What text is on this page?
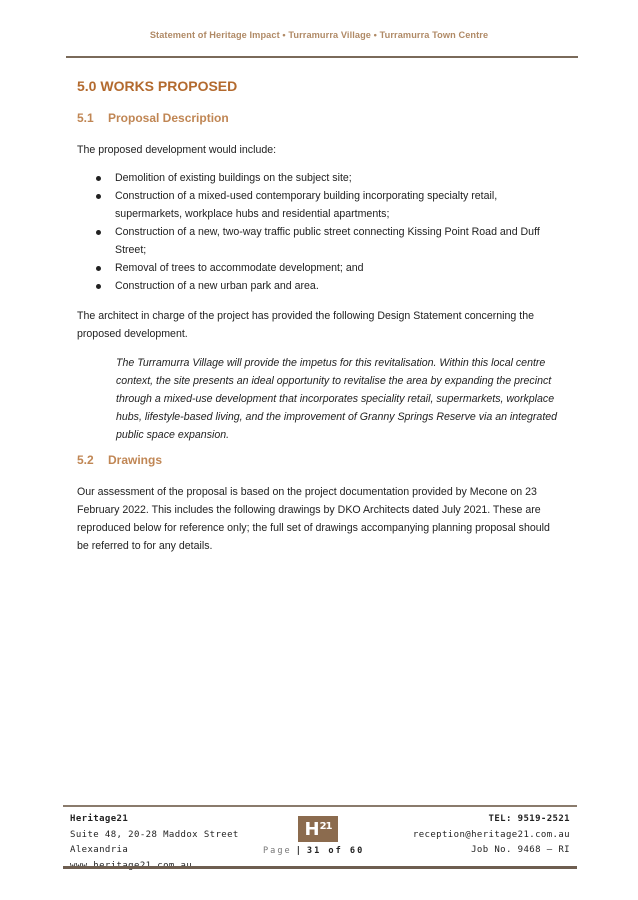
Statement of Heritage Impact • Turramurra Village • Turramurra Town Centre
5.0 WORKS PROPOSED
5.1 Proposal Description

The proposed development would include:

Demolition of existing buildings on the subject site;
Construction of a mixed-used contemporary building incorporating specialty retail, supermarkets, workplace hubs and residential apartments;
Construction of a new, two-way traffic public street connecting Kissing Point Road and Duff Street;
Removal of trees to accommodate development; and
Construction of a new urban park and area.

The architect in charge of the project has provided the following Design Statement concerning the proposed development.

The Turramurra Village will provide the impetus for this revitalisation. Within this local centre context, the site presents an ideal opportunity to revitalise the area by expanding the precinct through a mixed-use development that incorporates speciality retail, supermarkets, workplace hubs, lifestyle-based living, and the improvement of Granny Springs Reserve via an integrated public space expansion.

5.2 Drawings

Our assessment of the proposal is based on the project documentation provided by Mecone on 23 February 2022. This includes the following drawings by DKO Architects dated July 2021. These are reproduced below for reference only; the full set of drawings accompanying planning proposal should be referred to for any details.

Heritage21
Suite 48, 20-28 Maddox Street
Alexandria
H 21
Page | 31 of 60
TEL: 9519-2521
reception@heritage21.com.au
Job No. 9468 – RI
